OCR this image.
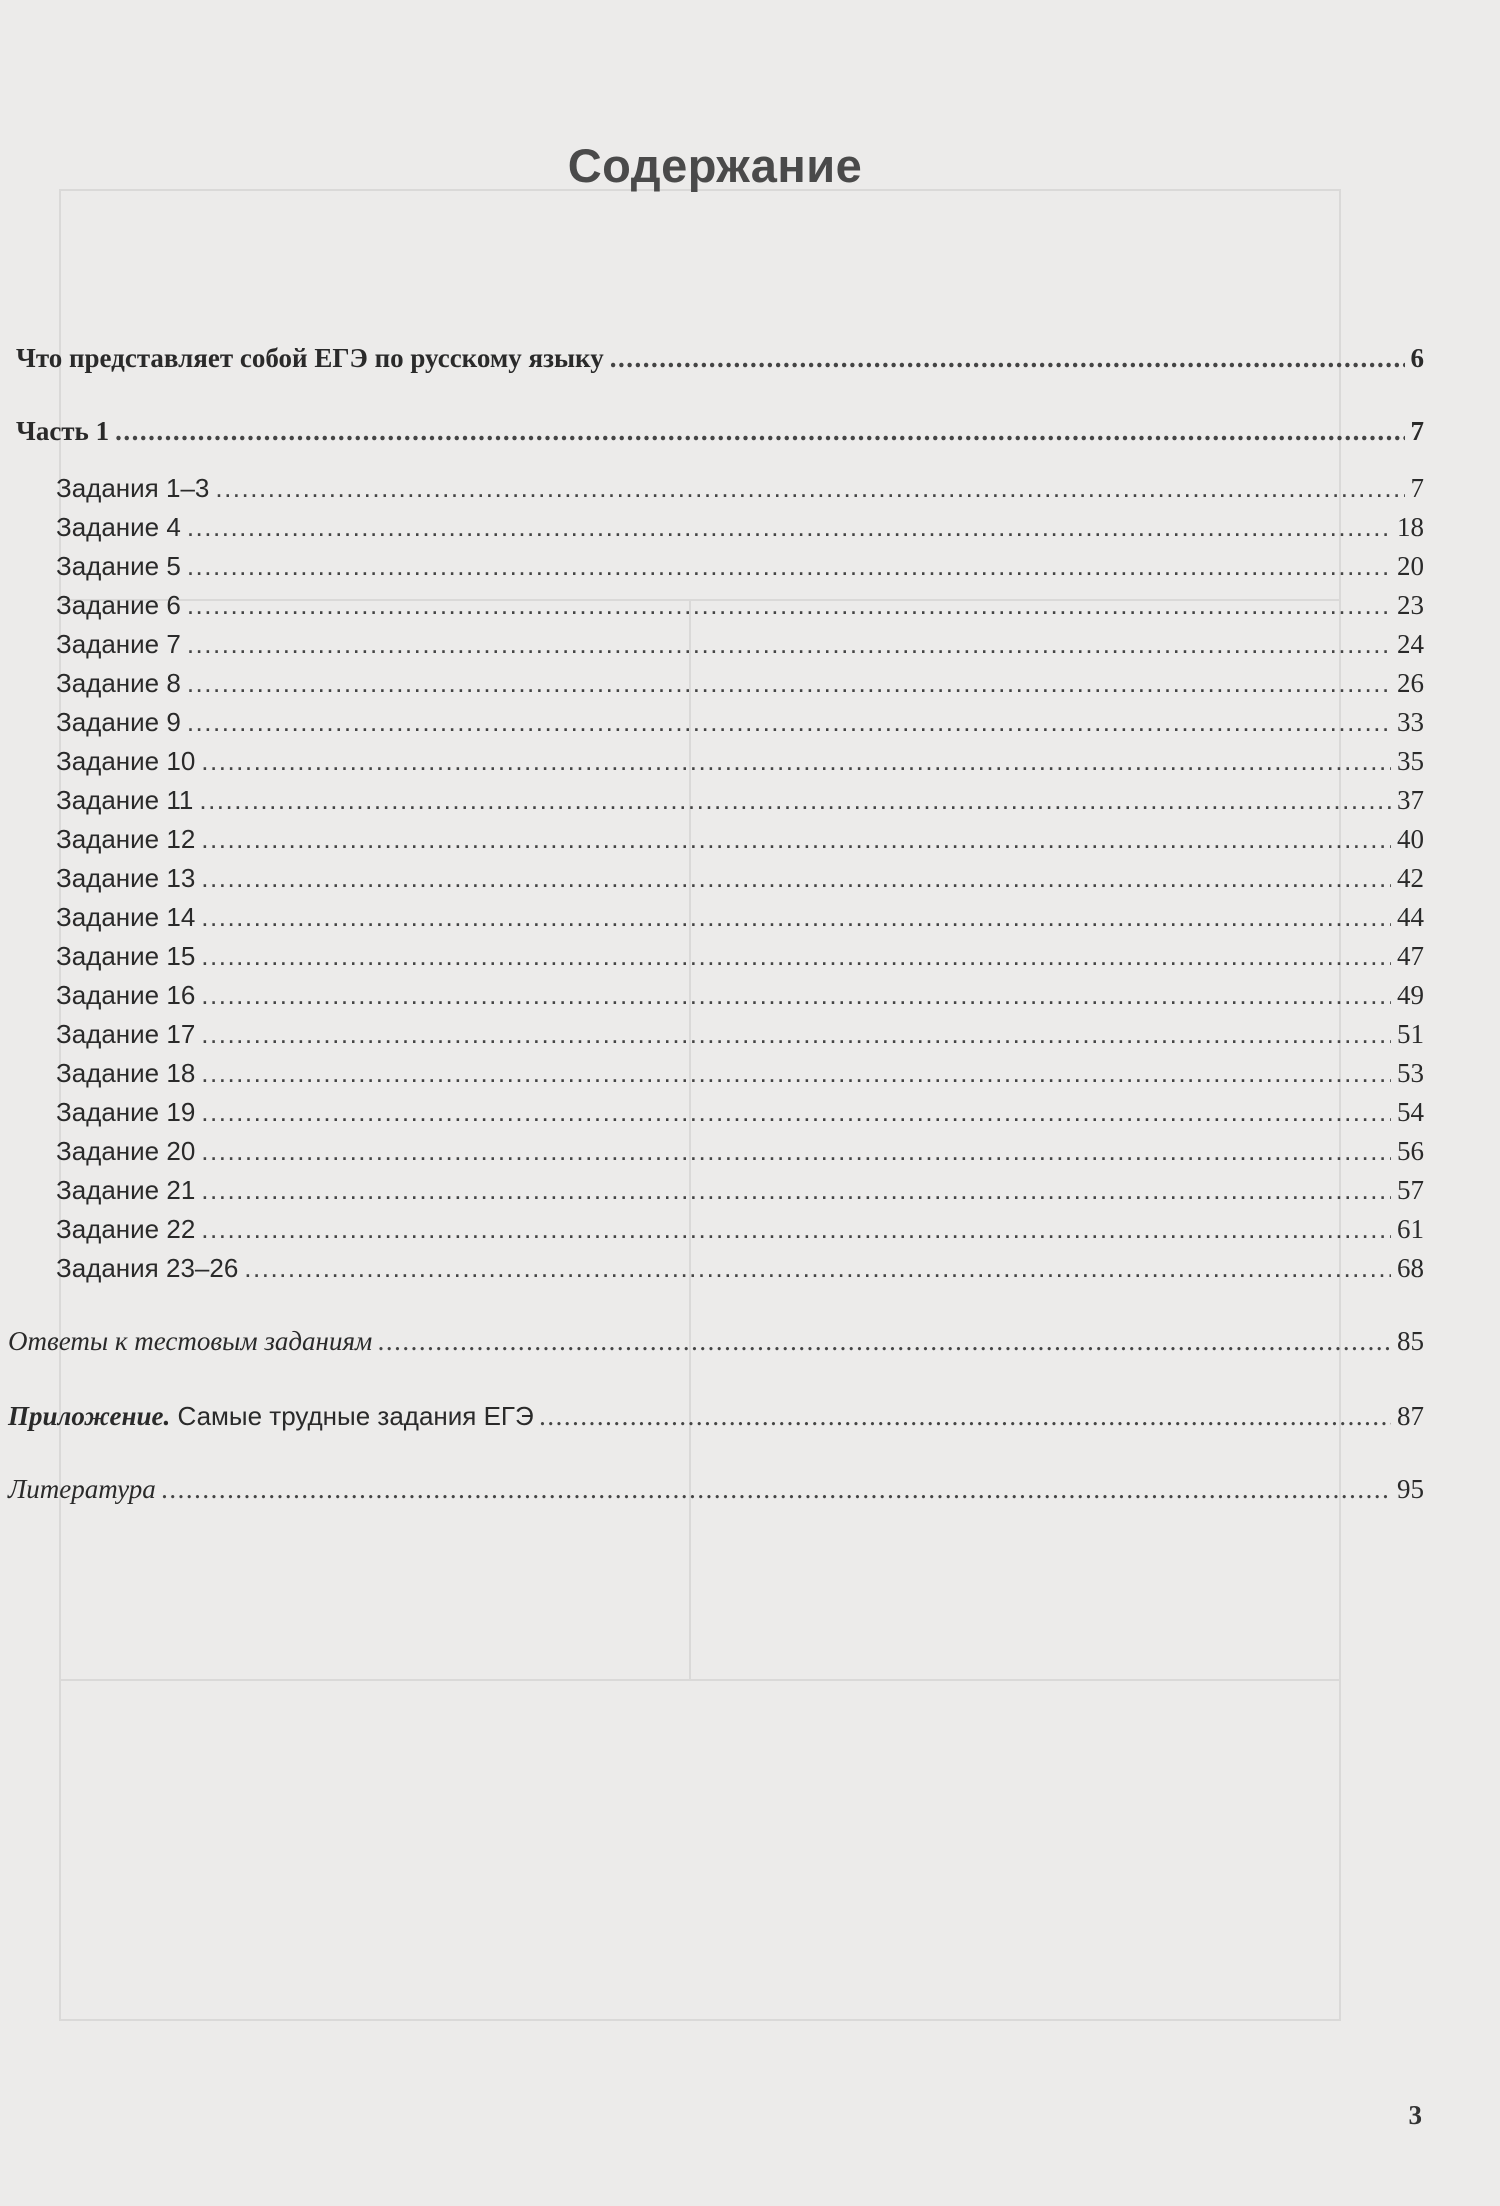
Содержание
Что представляет собой ЕГЭ по русскому языку .....	6
Часть 1 .....	7
Задания 1–3 .....	7
Задание 4 .....	18
Задание 5 .....	20
Задание 6 .....	23
Задание 7 .....	24
Задание 8 .....	26
Задание 9 .....	33
Задание 10 .....	35
Задание 11 .....	37
Задание 12 .....	40
Задание 13 .....	42
Задание 14 .....	44
Задание 15 .....	47
Задание 16 .....	49
Задание 17 .....	51
Задание 18 .....	53
Задание 19 .....	54
Задание 20 .....	56
Задание 21 .....	57
Задание 22 .....	61
Задания 23–26 .....	68
Ответы к тестовым заданиям .....	85
Приложение. Самые трудные задания ЕГЭ .....	87
Литература .....	95
3
